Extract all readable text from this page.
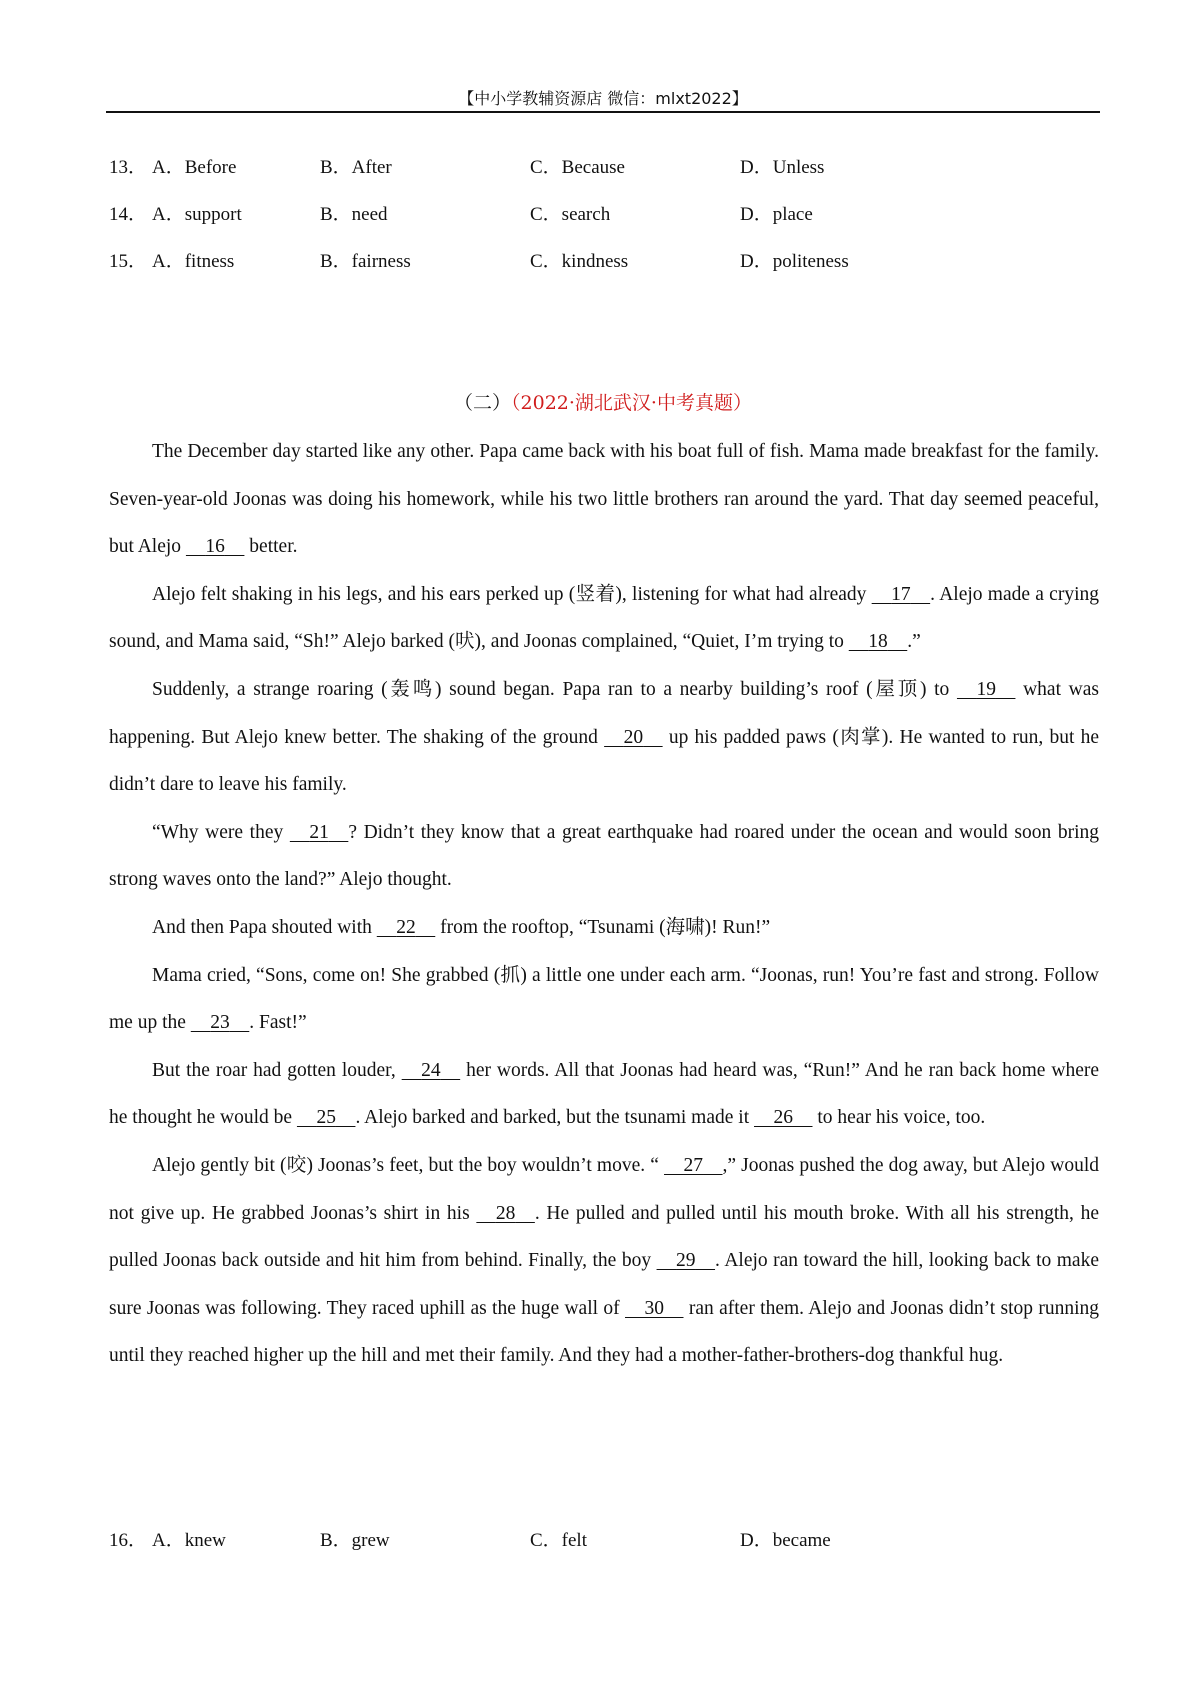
【中小学教辅资源店 微信：mlxt2022】
13． A．Before	B．After	C．Because	D．Unless
14． A．support	B．need	C．search	D．place
15． A．fitness	B．fairness	C．kindness	D．politeness
（二）（2022·湖北武汉·中考真题）

The December day started like any other. Papa came back with his boat full of fish. Mama made breakfast for the family. Seven-year-old Joonas was doing his homework, while his two little brothers ran around the yard. That day seemed peaceful, but Alejo     16     better.

Alejo felt shaking in his legs, and his ears perked up (竖着), listening for what had already     17 . Alejo made a crying sound, and Mama said, “Sh!” Alejo barked (吠), and Joonas complained, “Quiet, I’m trying to     18 .”

Suddenly, a strange roaring (轰鸣) sound began. Papa ran to a nearby building’s roof (屋顶) to     19     what was happening. But Alejo knew better. The shaking of the ground     20     up his padded paws (肉掌). He wanted to run, but he didn’t dare to leave his family.

“Why were they     21 ? Didn’t they know that a great earthquake had roared under the ocean and would soon bring strong waves onto the land?” Alejo thought.

And then Papa shouted with     22     from the rooftop, “Tsunami (海啸)! Run!”

Mama cried, “Sons, come on! She grabbed (抓) a little one under each arm. “Joonas, run! You’re fast and strong. Follow me up the     23 . Fast!”

But the roar had gotten louder,     24     her words. All that Joonas had heard was, “Run!” And he ran back home where he thought he would be     25 . Alejo barked and barked, but the tsunami made it     26     to hear his voice, too.

Alejo gently bit (咬) Joonas’s feet, but the boy wouldn’t move. “     27 ,” Joonas pushed the dog away, but Alejo would not give up. He grabbed Joonas’s shirt in his     28 . He pulled and pulled until his mouth broke. With all his strength, he pulled Joonas back outside and hit him from behind. Finally, the boy     29 . Alejo ran toward the hill, looking back to make sure Joonas was following. They raced uphill as the huge wall of     30     ran after them. Alejo and Joonas didn’t stop running until they reached higher up the hill and met their family. And they had a mother-father-brothers-dog thankful hug.

16． A．knew	B．grew	C．felt	D．became
